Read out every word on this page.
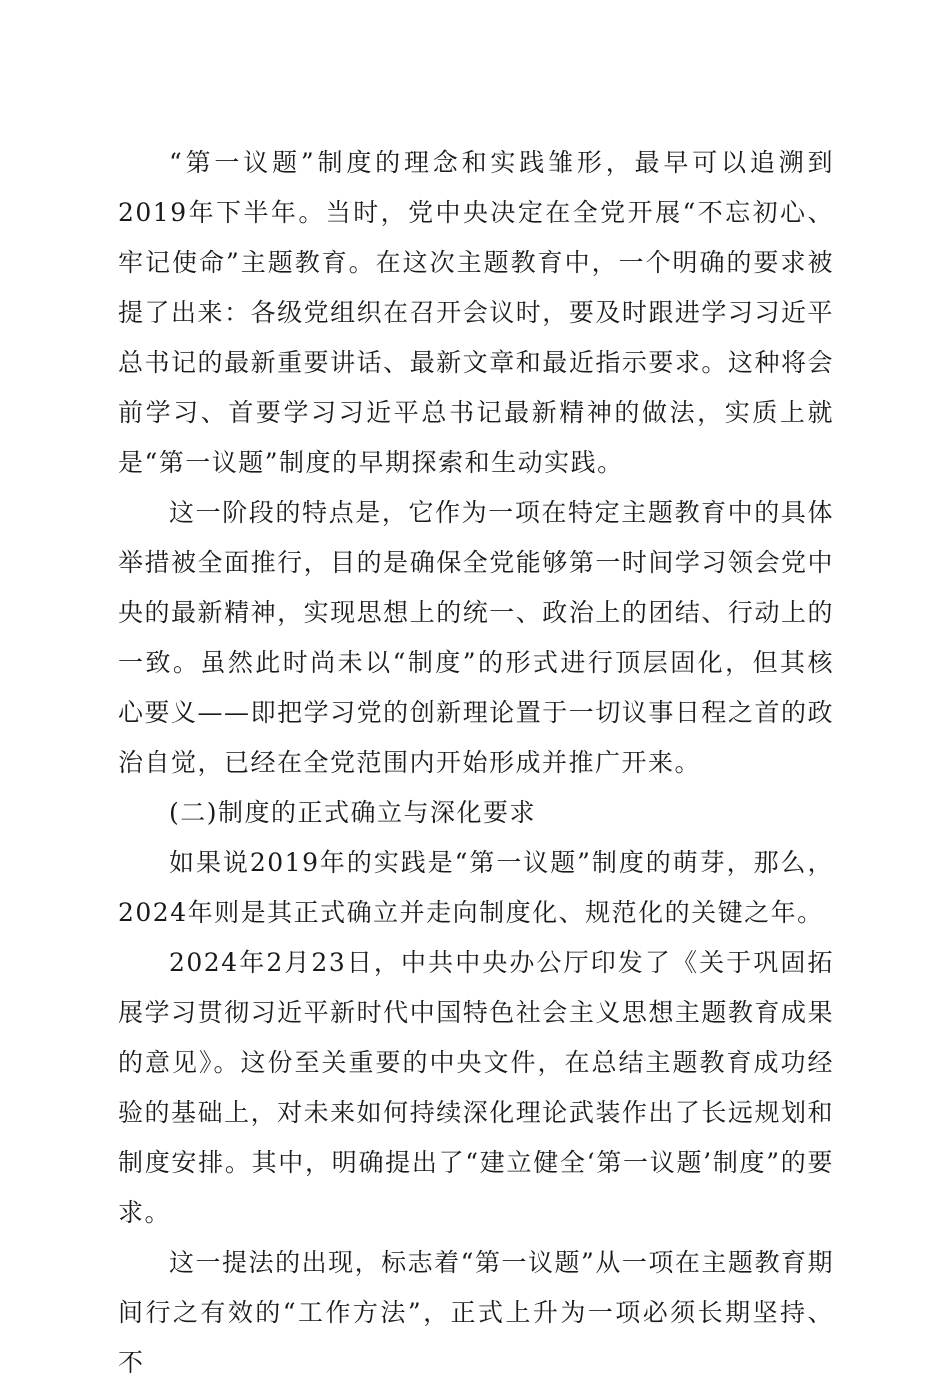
“第一议题”制度的理念和实践雏形，最早可以追溯到2019年下半年。当时，党中央决定在全党开展“不忘初心、牢记使命”主题教育。在这次主题教育中，一个明确的要求被提了出来：各级党组织在召开会议时，要及时跟进学习习近平总书记的最新重要讲话、最新文章和最近指示要求。这种将会前学习、首要学习习近平总书记最新精神的做法，实质上就是“第一议题”制度的早期探索和生动实践。

这一阶段的特点是，它作为一项在特定主题教育中的具体举措被全面推行，目的是确保全党能够第一时间学习领会党中央的最新精神，实现思想上的统一、政治上的团结、行动上的一致。虽然此时尚未以“制度”的形式进行顶层固化，但其核心要义——即把学习党的创新理论置于一切议事日程之首的政治自觉，已经在全党范围内开始形成并推广开来。

(二)制度的正式确立与深化要求

如果说2019年的实践是“第一议题”制度的萌芽，那么，2024年则是其正式确立并走向制度化、规范化的关键之年。

2024年2月23日，中共中央办公厅印发了《关于巩固拓展学习贯彻习近平新时代中国特色社会主义思想主题教育成果的意见》。这份至关重要的中央文件，在总结主题教育成功经验的基础上，对未来如何持续深化理论武装作出了长远规划和制度安排。其中，明确提出了“建立健全‘第一议题’制度”的要求。

这一提法的出现，标志着“第一议题”从一项在主题教育期间行之有效的“工作方法”，正式上升为一项必须长期坚持、不
